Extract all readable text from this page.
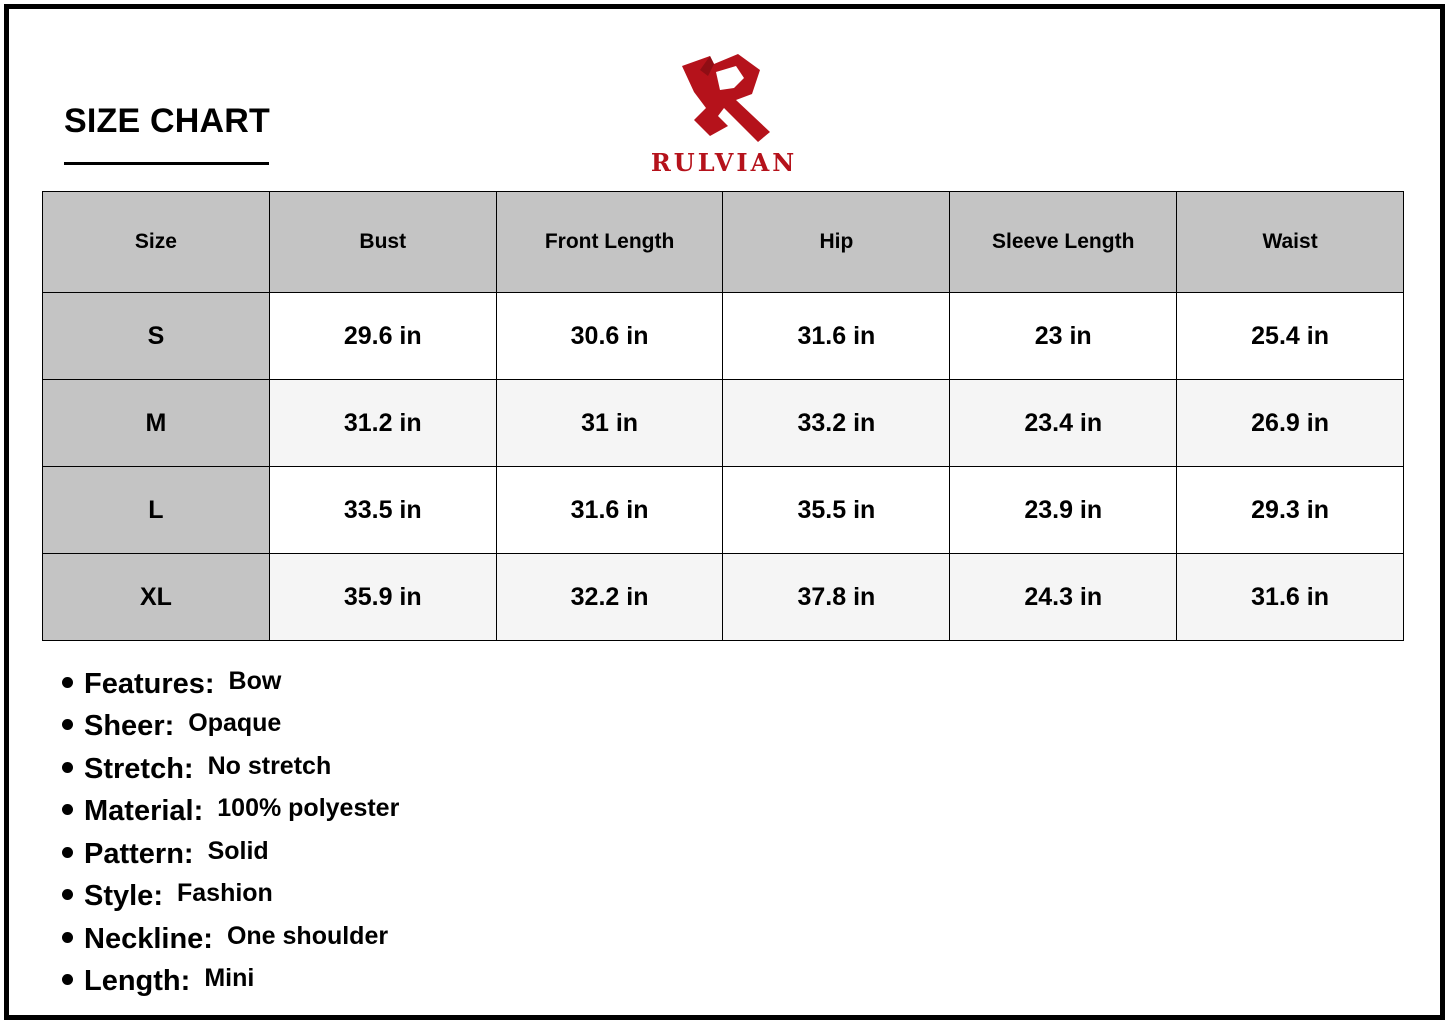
SIZE CHART
RULVIAN
Size	Bust	Front Length	Hip	Sleeve Length	Waist
S	29.6 in	30.6 in	31.6 in	23 in	25.4 in
M	31.2 in	31 in	33.2 in	23.4 in	26.9 in
L	33.5 in	31.6 in	35.5 in	23.9 in	29.3 in
XL	35.9 in	32.2 in	37.8 in	24.3 in	31.6 in
Features: Bow
Sheer: Opaque
Stretch: No stretch
Material: 100% polyester
Pattern: Solid
Style: Fashion
Neckline: One shoulder
Length: Mini
